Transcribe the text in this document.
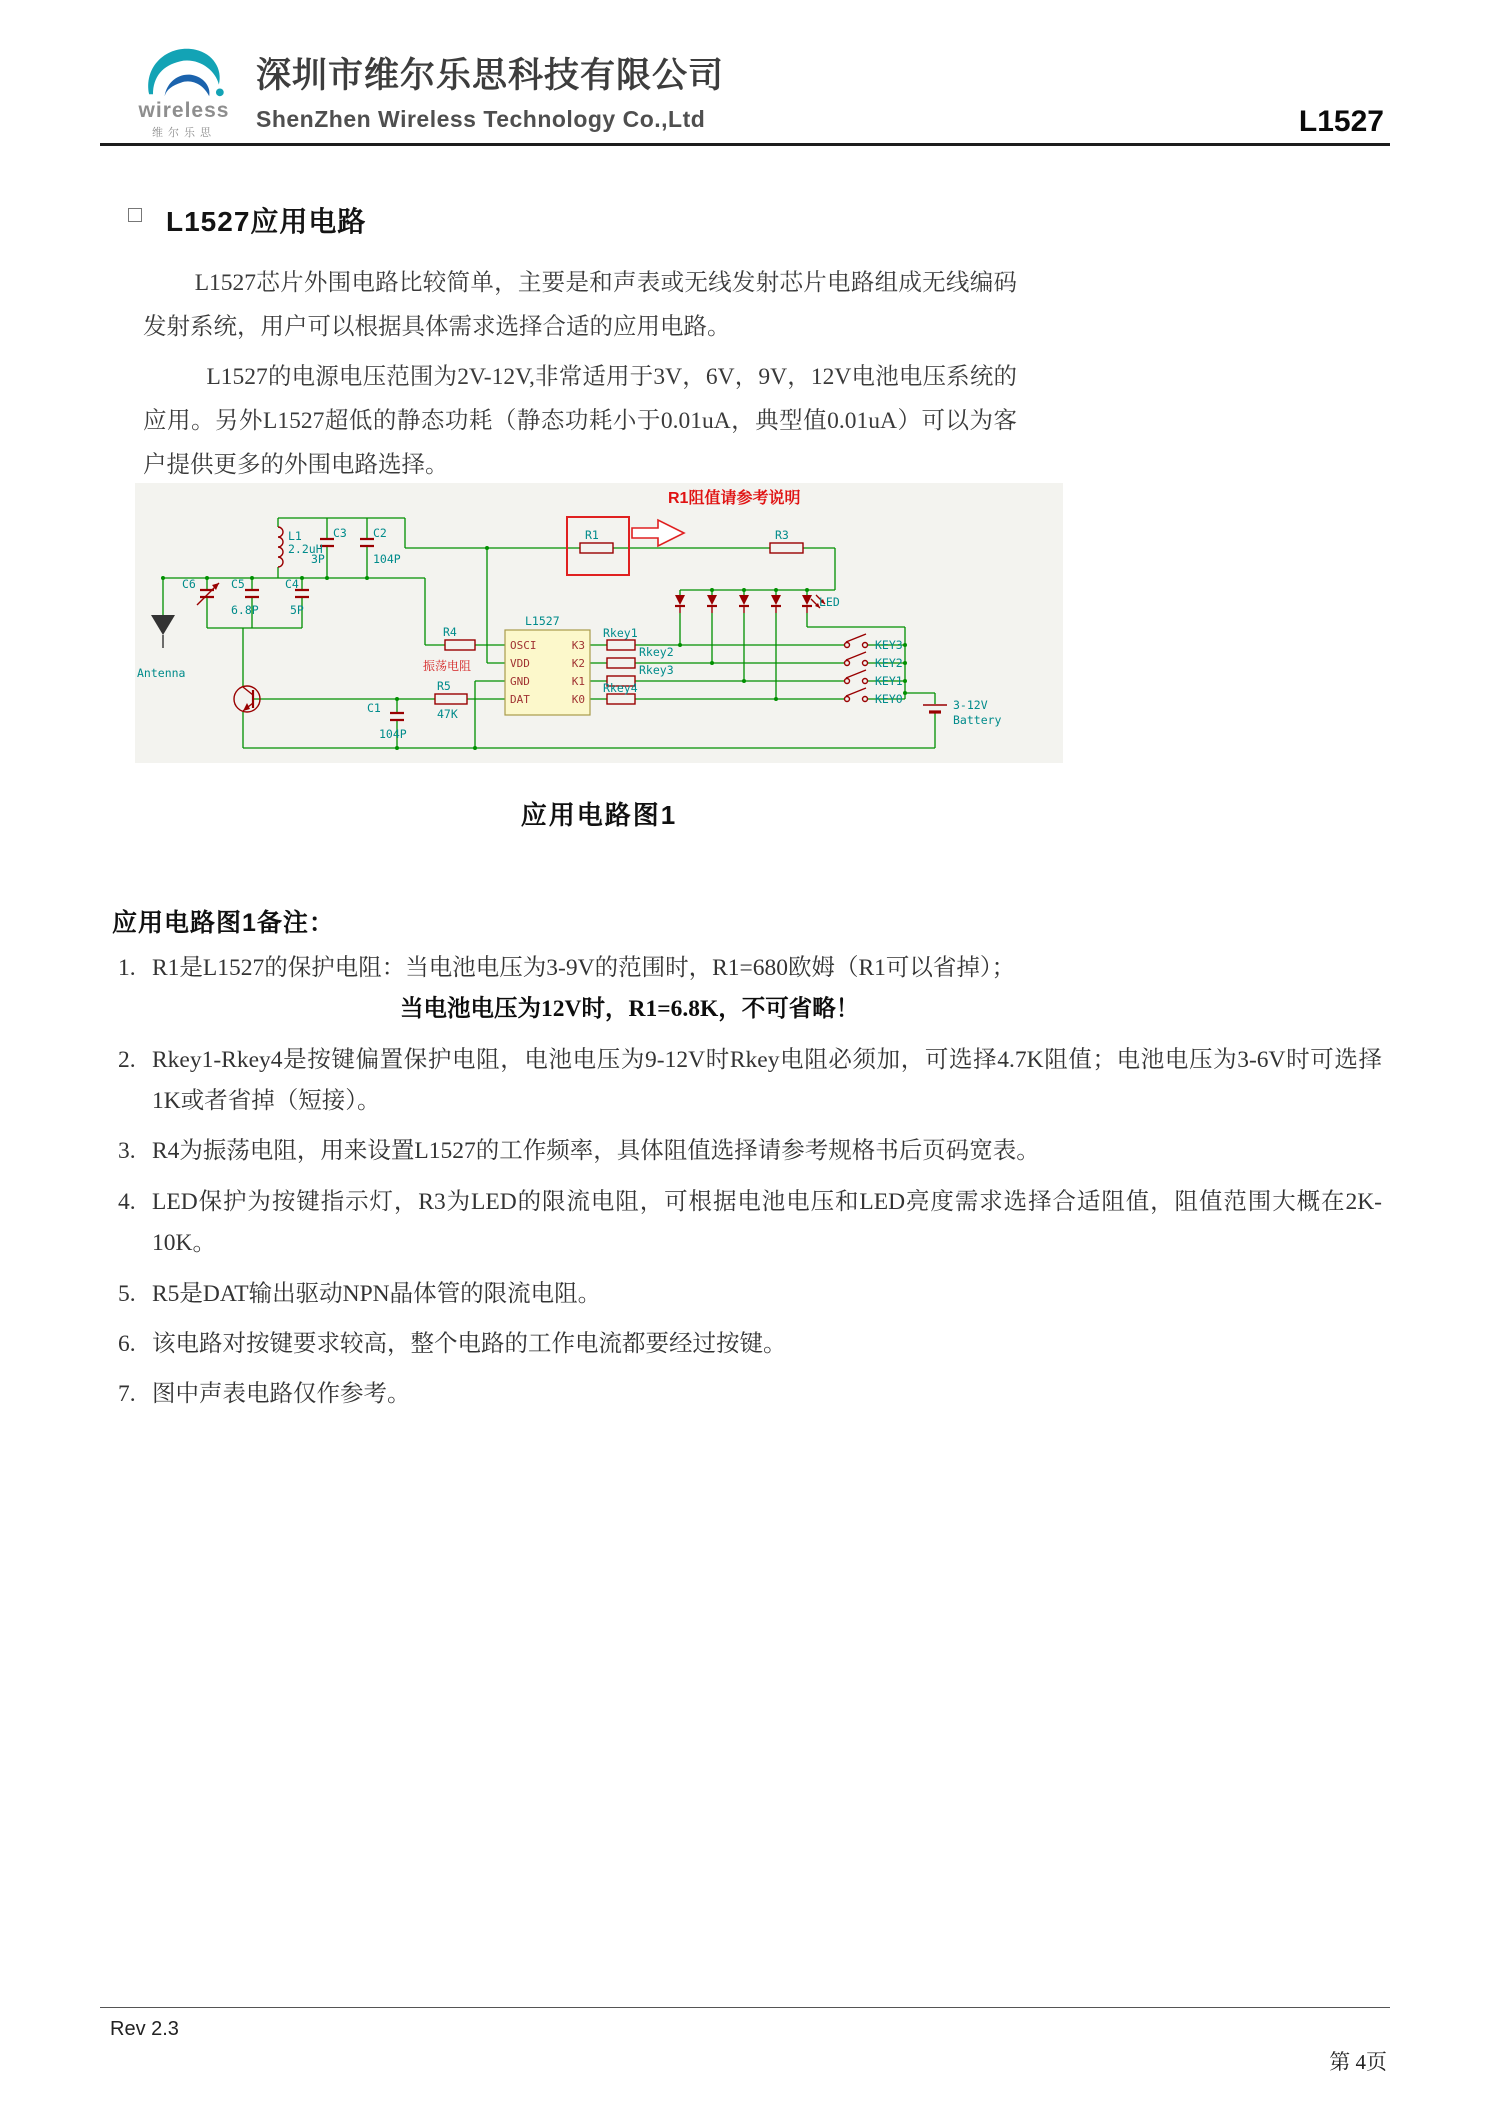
wireless
维尔乐思
深圳市维尔乐思科技有限公司
ShenZhen Wireless Technology Co.,Ltd	L1527
L1527应用电路

L1527芯片外围电路比较简单，主要是和声表或无线发射芯片电路组成无线编码发射系统，用户可以根据具体需求选择合适的应用电路。

L1527的电源电压范围为2V-12V,非常适用于3V，6V，9V，12V电池电压系统的应用。另外L1527超低的静态功耗（静态功耗小于0.01uA，典型值0.01uA）可以为客户提供更多的外围电路选择。

L1527
OSCI
VDD
GND
DAT
K3
K2
K1
K0
R1阻值请参考说明
L1
2.2uH
C3
3P
C2
104P
C6	C5
6.8P
C4
5P
Antenna
R1	R3
R4
振荡电阻
R5
47K
C1
104P
Rkey1
Rkey2
Rkey3
Rkey4
LED
KEY3
KEY2
KEY1
KEY0	3-12V
Battery
应用电路图1
应用电路图1备注：
1. R1是L1527的保护电阻：当电池电压为3-9V的范围时，R1=680欧姆（R1可以省掉）；
当电池电压为12V时，R1=6.8K，不可省略！
2. Rkey1-Rkey4是按键偏置保护电阻，电池电压为9-12V时Rkey电阻必须加，可选择4.7K阻值；电池电压为3-6V时可选择1K或者省掉（短接）。
3. R4为振荡电阻，用来设置L1527的工作频率，具体阻值选择请参考规格书后页码宽表。
4. LED保护为按键指示灯，R3为LED的限流电阻，可根据电池电压和LED亮度需求选择合适阻值，阻值范围大概在2K-10K。
5. R5是DAT输出驱动NPN晶体管的限流电阻。
6. 该电路对按键要求较高，整个电路的工作电流都要经过按键。
7. 图中声表电路仅作参考。
Rev 2.3
第 4页
